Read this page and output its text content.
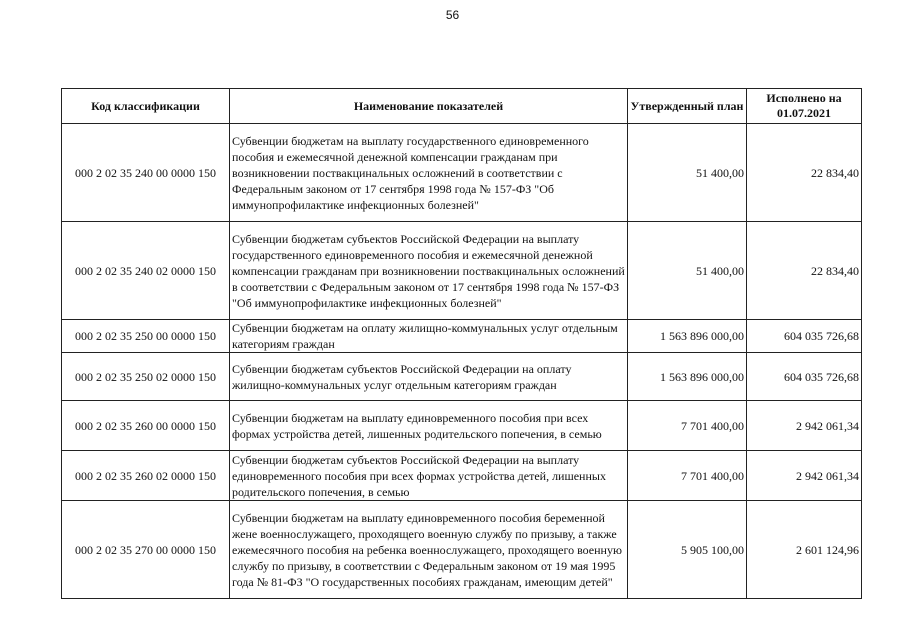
56
Код классификации	Наименование показателей	Утвержденный план	Исполнено на 01.07.2021
000 2 02 35 240 00 0000 150	Субвенции бюджетам на выплату государственного единовременного пособия и ежемесячной денежной компенсации гражданам при возникновении поствакцинальных осложнений в соответствии с Федеральным законом от 17 сентября 1998 года № 157-ФЗ "Об иммунопрофилактике инфекционных болезней"	51 400,00	22 834,40
000 2 02 35 240 02 0000 150	Субвенции бюджетам субъектов Российской Федерации на выплату государственного единовременного пособия и ежемесячной денежной компенсации гражданам при возникновении поствакцинальных осложнений в соответствии с Федеральным законом от 17 сентября 1998 года № 157-ФЗ "Об иммунопрофилактике инфекционных болезней"	51 400,00	22 834,40
000 2 02 35 250 00 0000 150	Субвенции бюджетам на оплату жилищно-коммунальных услуг отдельным категориям граждан	1 563 896 000,00	604 035 726,68
000 2 02 35 250 02 0000 150	Субвенции бюджетам субъектов Российской Федерации на оплату жилищно-коммунальных услуг отдельным категориям граждан	1 563 896 000,00	604 035 726,68
000 2 02 35 260 00 0000 150	Субвенции бюджетам на выплату единовременного пособия при всех формах устройства детей, лишенных родительского попечения, в семью	7 701 400,00	2 942 061,34
000 2 02 35 260 02 0000 150	Субвенции бюджетам субъектов Российской Федерации на выплату единовременного пособия при всех формах устройства детей, лишенных родительского попечения, в семью	7 701 400,00	2 942 061,34
000 2 02 35 270 00 0000 150	Субвенции бюджетам на выплату единовременного пособия беременной жене военнослужащего, проходящего военную службу по призыву, а также ежемесячного пособия на ребенка военнослужащего, проходящего военную службу по призыву, в соответствии с Федеральным законом от 19 мая 1995 года № 81-ФЗ "О государственных пособиях гражданам, имеющим детей"	5 905 100,00	2 601 124,96
